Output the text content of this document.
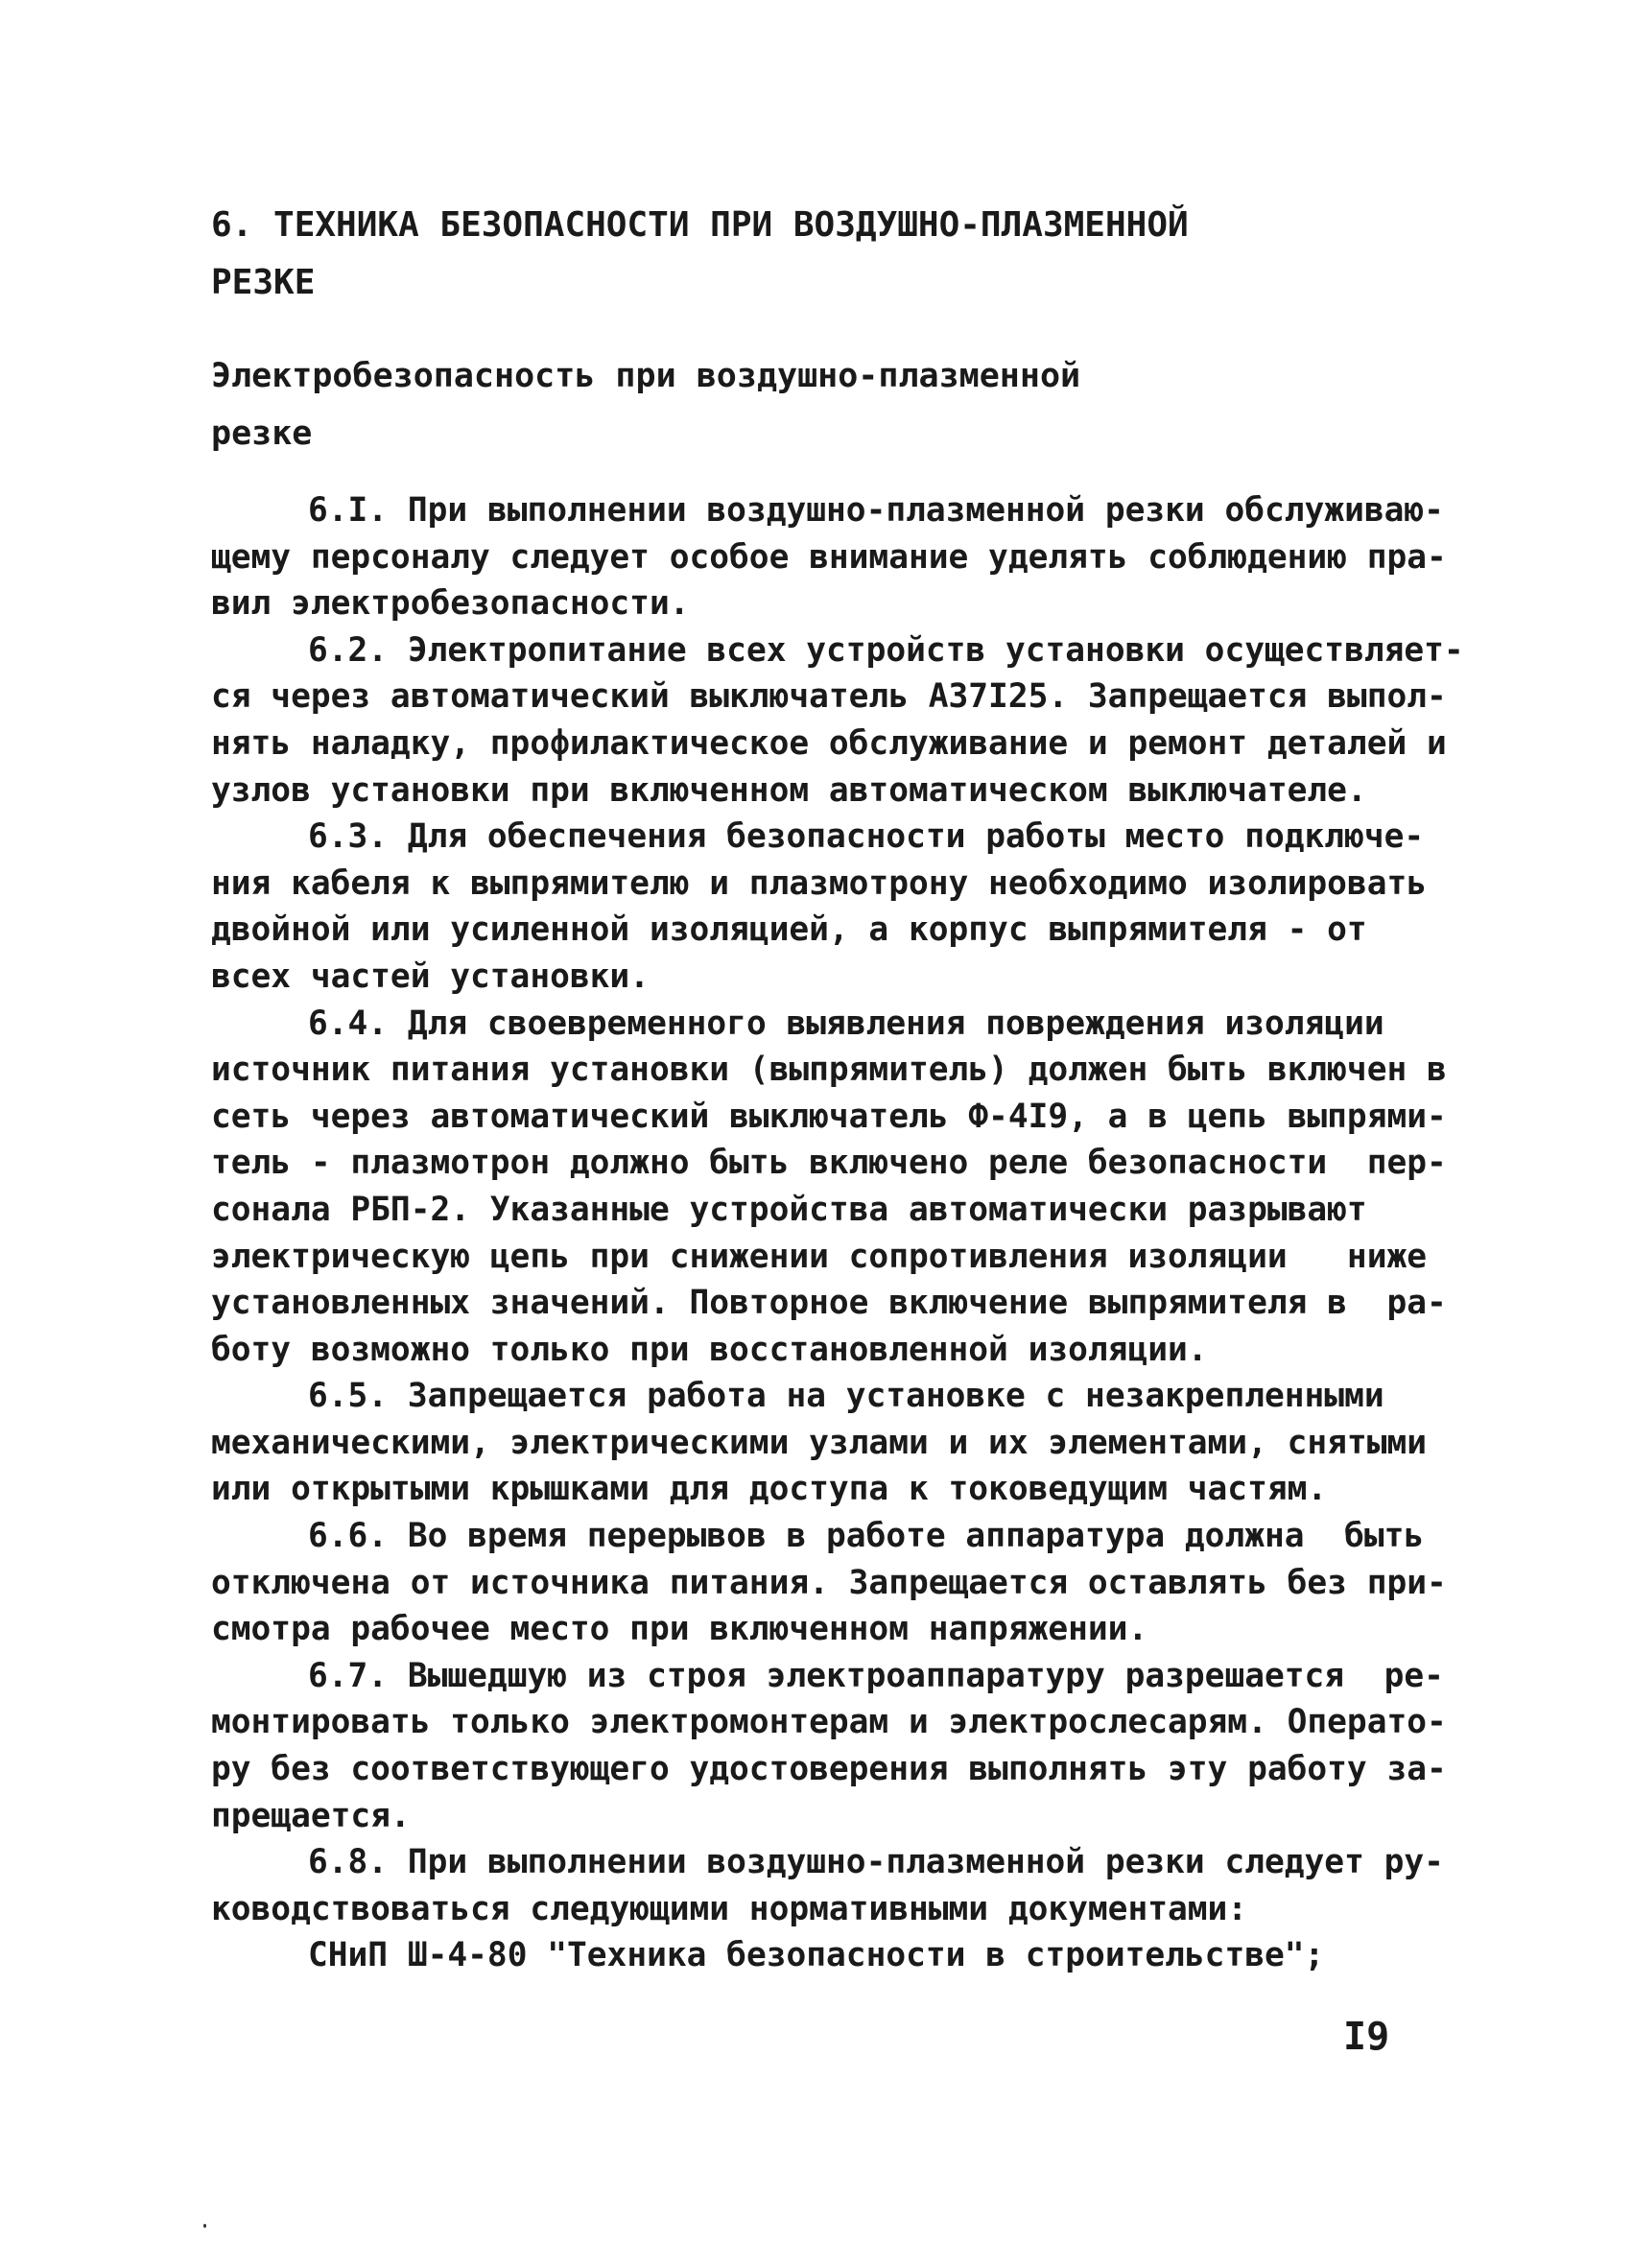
6. ТЕХНИКА БЕЗОПАСНОСТИ ПРИ ВОЗДУШНО-ПЛАЗМЕННОЙ
РЕЗКЕ
Электробезопасность при воздушно-плазменной
резке
6.I. При выполнении воздушно-плазменной резки обслуживаю-
щему персоналу следует особое внимание уделять соблюдению пра-
вил электробезопасности.
6.2. Электропитание всех устройств установки осуществляет-
ся через автоматический выключатель А37I25. Запрещается выпол-
нять наладку, профилактическое обслуживание и ремонт деталей и
узлов установки при включенном автоматическом выключателе.
6.3. Для обеспечения безопасности работы место подключе-
ния кабеля к выпрямителю и плазмотрону необходимо изолировать
двойной или усиленной изоляцией, а корпус выпрямителя - от
всех частей установки.
6.4. Для своевременного выявления повреждения изоляции
источник питания установки (выпрямитель) должен быть включен в
сеть через автоматический выключатель Ф-4I9, а в цепь выпрями-
тель - плазмотрон должно быть включено реле безопасности  пер-
сонала РБП-2. Указанные устройства автоматически разрывают
электрическую цепь при снижении сопротивления изоляции   ниже
установленных значений. Повторное включение выпрямителя в  ра-
боту возможно только при восстановленной изоляции.
6.5. Запрещается работа на установке с незакрепленными
механическими, электрическими узлами и их элементами, снятыми
или открытыми крышками для доступа к токоведущим частям.
6.6. Во время перерывов в работе аппаратура должна  быть
отключена от источника питания. Запрещается оставлять без при-
смотра рабочее место при включенном напряжении.
6.7. Вышедшую из строя электроаппаратуру разрешается  ре-
монтировать только электромонтерам и электрослесарям. Операто-
ру без соответствующего удостоверения выполнять эту работу за-
прещается.
6.8. При выполнении воздушно-плазменной резки следует ру-
ководствоваться следующими нормативными документами:
СНиП Ш-4-80 "Техника безопасности в строительстве";
I9
